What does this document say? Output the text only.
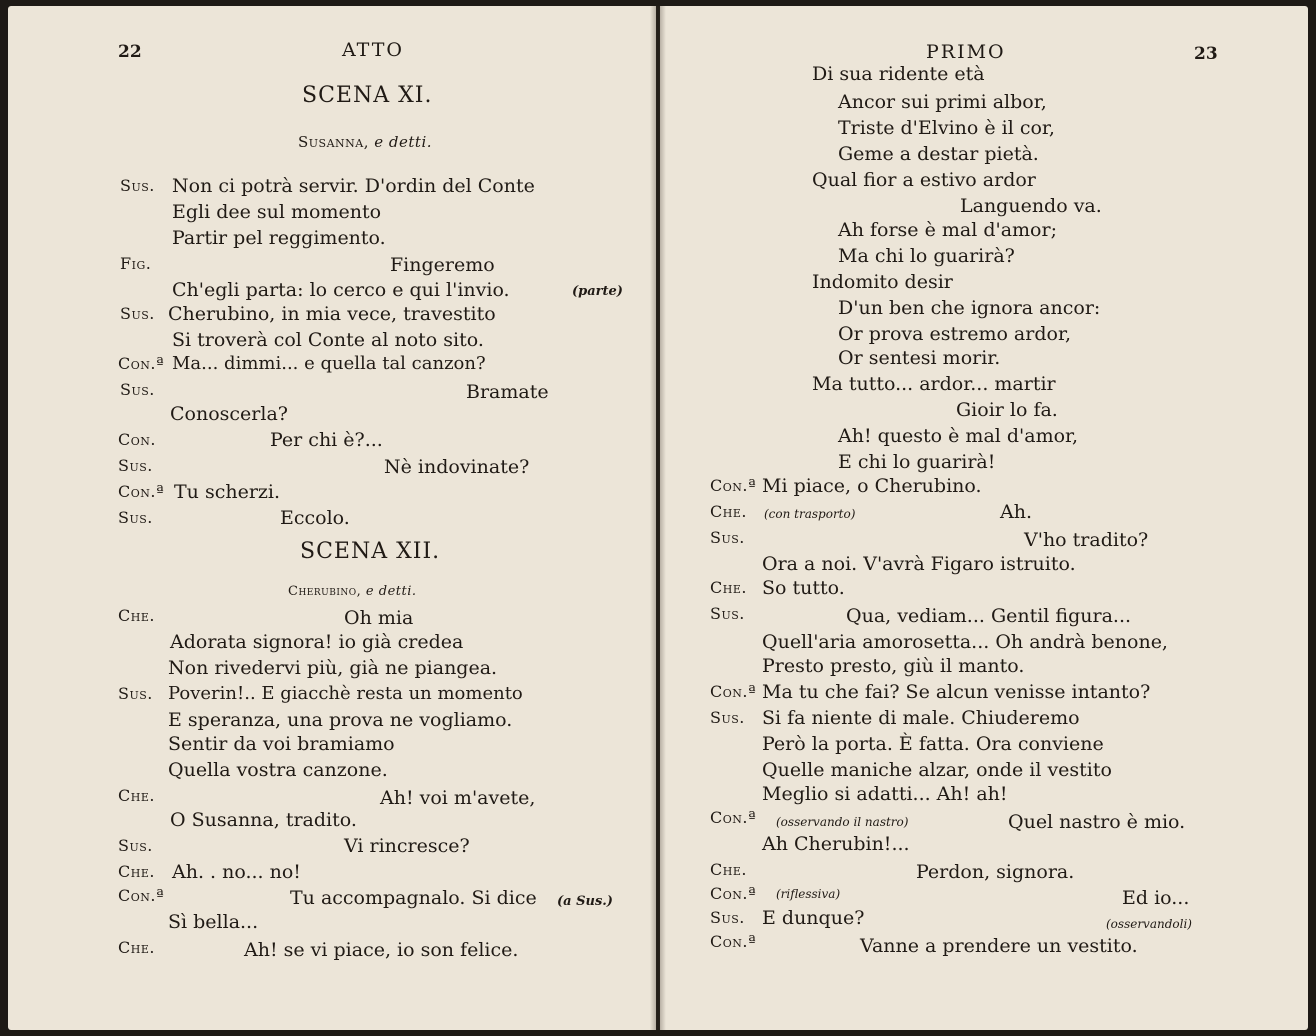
22	ATTO
SCENA XI.
Susanna, e detti.
Sus. Non ci potrà servir. D'ordin del Conte
Egli dee sul momento
Partir pel reggimento.
Fig.	Fingeremo
Ch'egli parta: lo cerco e qui l'invio.	(parte)
Sus. Cherubino, in mia vece, travestito
Si troverà col Conte al noto sito.
Con.ª Ma... dimmi... e quella tal canzon?
Sus.	Bramate
Conoscerla?
Con.	Per chi è?...
Sus.	Nè indovinate?
Con.ª Tu scherzi.
Sus.	Eccolo.
SCENA XII.
Cherubino, e detti.
Che.	Oh mia
Adorata signora! io già credea
Non rivedervi più, già ne piangea.
Sus. Poverin!.. E giacchè resta un momento
E speranza, una prova ne vogliamo.
Sentir da voi bramiamo
Quella vostra canzone.
Che.	Ah! voi m'avete,
O Susanna, tradito.
Sus.	Vi rincresce?
Che. Ah. . no... no!
Con.ª	Tu accompagnalo. Si dice (a Sus.)
Sì bella...
Che.	Ah! se vi piace, io son felice.
PRIMO	23
Di sua ridente età
Ancor sui primi albor,
Triste d'Elvino è il cor,
Geme a destar pietà.
Qual fior a estivo ardor
Languendo va.
Ah forse è mal d'amor;
Ma chi lo guarirà?
Indomito desir
D'un ben che ignora ancor:
Or prova estremo ardor,
Or sentesi morir.
Ma tutto... ardor... martir
Gioir lo fa.
Ah! questo è mal d'amor,
E chi lo guarirà!
Con.ª Mi piace, o Cherubino.
Che. (con trasporto)	Ah.
Sus.	V'ho tradito?
Ora a noi. V'avrà Figaro istruito.
Che. So tutto.
Sus.	Qua, vediam... Gentil figura...
Quell'aria amorosetta... Oh andrà benone,
Presto presto, giù il manto.
Con.ª Ma tu che fai? Se alcun venisse intanto?
Sus. Si fa niente di male. Chiuderemo
Però la porta. È fatta. Ora conviene
Quelle maniche alzar, onde il vestito
Meglio si adatti... Ah! ah!
Con.ª (osservando il nastro)	Quel nastro è mio.
Ah Cherubin!...
Che.	Perdon, signora.
Con.ª (riflessiva)	Ed io...
Sus. E dunque?	(osservandoli)
Con.ª	Vanne a prendere un vestito.
